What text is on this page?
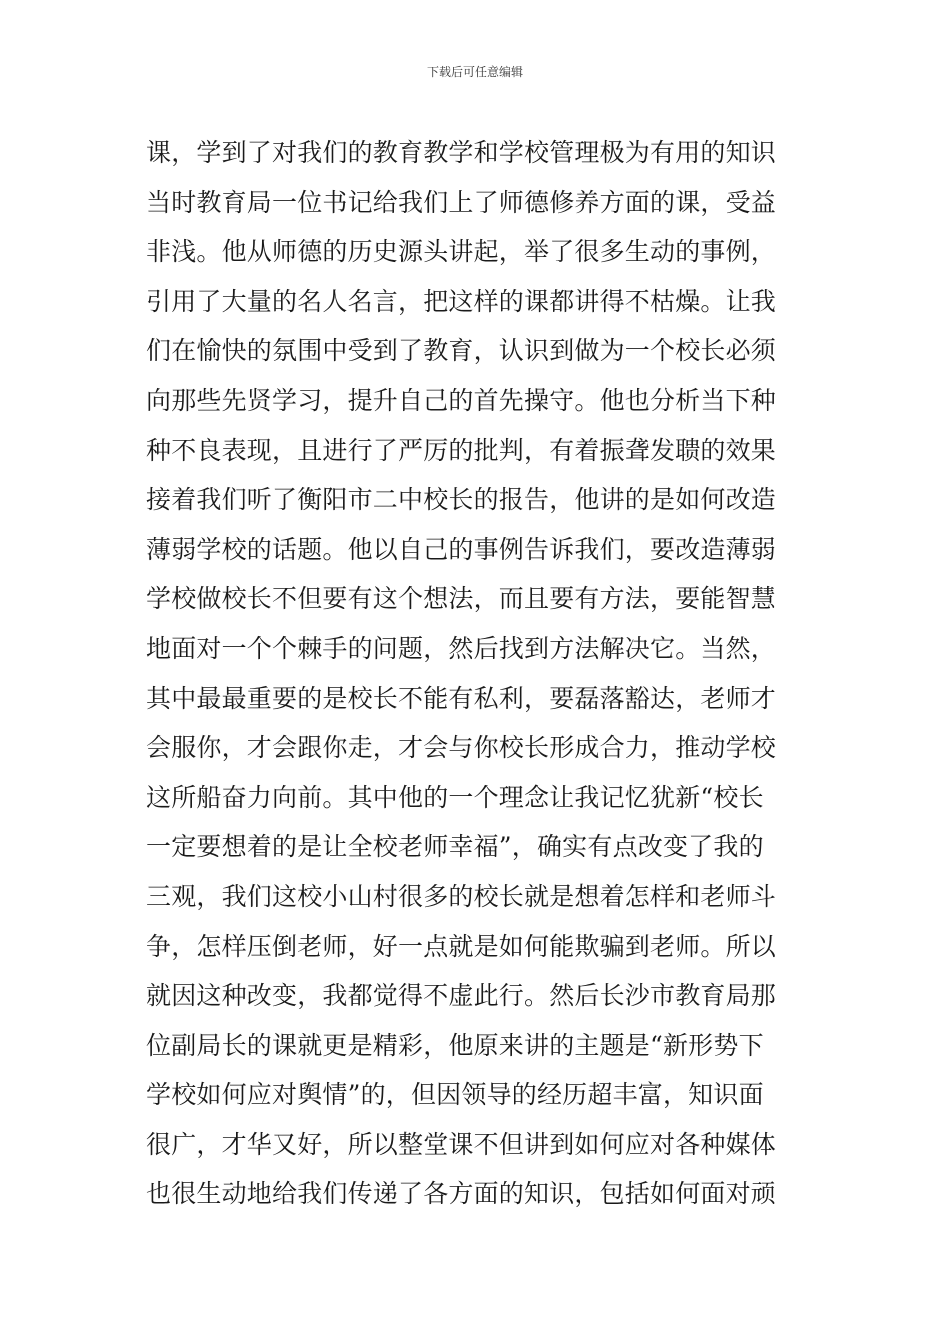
下载后可任意编辑
课，学到了对我们的教育教学和学校管理极为有用的知识
当时教育局一位书记给我们上了师德修养方面的课，受益
非浅。他从师德的历史源头讲起，举了很多生动的事例，
引用了大量的名人名言，把这样的课都讲得不枯燥。让我
们在愉快的氛围中受到了教育，认识到做为一个校长必须
向那些先贤学习，提升自己的首先操守。他也分析当下种
种不良表现，且进行了严厉的批判，有着振聋发聩的效果
接着我们听了衡阳市二中校长的报告，他讲的是如何改造
薄弱学校的话题。他以自己的事例告诉我们，要改造薄弱
学校做校长不但要有这个想法，而且要有方法，要能智慧
地面对一个个棘手的问题，然后找到方法解决它。当然，
其中最最重要的是校长不能有私利，要磊落豁达，老师才
会服你，才会跟你走，才会与你校长形成合力，推动学校
这所船奋力向前。其中他的一个理念让我记忆犹新“校长
一定要想着的是让全校老师幸福”，确实有点改变了我的
三观，我们这校小山村很多的校长就是想着怎样和老师斗
争，怎样压倒老师，好一点就是如何能欺骗到老师。所以
就因这种改变，我都觉得不虚此行。然后长沙市教育局那
位副局长的课就更是精彩，他原来讲的主题是“新形势下
学校如何应对舆情”的，但因领导的经历超丰富，知识面
很广，才华又好，所以整堂课不但讲到如何应对各种媒体
也很生动地给我们传递了各方面的知识，包括如何面对顽
